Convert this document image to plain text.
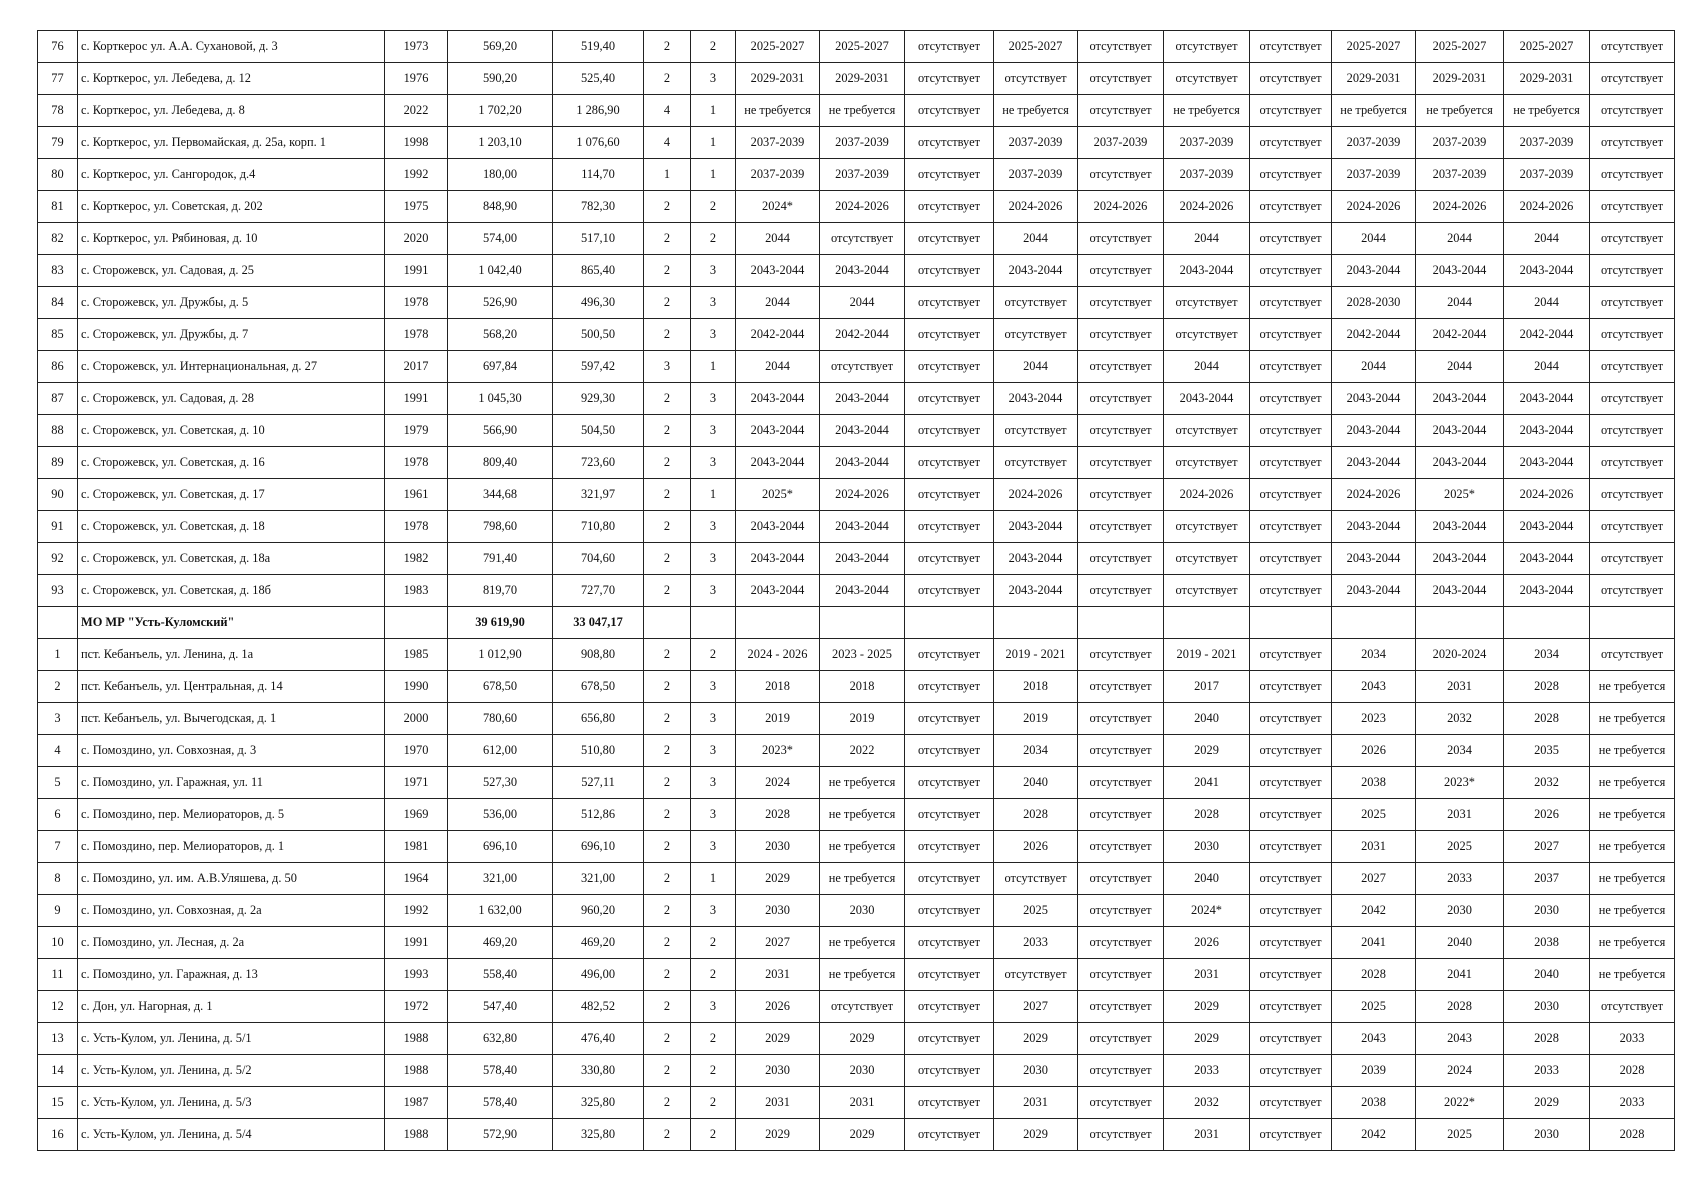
76	с. Корткерос ул. А.А. Сухановой, д. 3	1973	569,20	519,40	2	2	2025-2027	2025-2027	отсутствует	2025-2027	отсутствует	отсутствует	отсутствует	2025-2027	2025-2027	2025-2027	отсутствует
77	с. Корткерос, ул. Лебедева, д. 12	1976	590,20	525,40	2	3	2029-2031	2029-2031	отсутствует	отсутствует	отсутствует	отсутствует	отсутствует	2029-2031	2029-2031	2029-2031	отсутствует
78	с. Корткерос, ул. Лебедева, д. 8	2022	1 702,20	1 286,90	4	1	не требуется	не требуется	отсутствует	не требуется	отсутствует	не требуется	отсутствует	не требуется	не требуется	не требуется	отсутствует
79	с. Корткерос, ул. Первомайская, д. 25а, корп. 1	1998	1 203,10	1 076,60	4	1	2037-2039	2037-2039	отсутствует	2037-2039	2037-2039	2037-2039	отсутствует	2037-2039	2037-2039	2037-2039	отсутствует
80	с. Корткерос, ул. Сангородок, д.4	1992	180,00	114,70	1	1	2037-2039	2037-2039	отсутствует	2037-2039	отсутствует	2037-2039	отсутствует	2037-2039	2037-2039	2037-2039	отсутствует
81	с. Корткерос, ул. Советская, д. 202	1975	848,90	782,30	2	2	2024*	2024-2026	отсутствует	2024-2026	2024-2026	2024-2026	отсутствует	2024-2026	2024-2026	2024-2026	отсутствует
82	с. Корткерос, ул. Рябиновая, д. 10	2020	574,00	517,10	2	2	2044	отсутствует	отсутствует	2044	отсутствует	2044	отсутствует	2044	2044	2044	отсутствует
83	с. Сторожевск, ул. Садовая, д. 25	1991	1 042,40	865,40	2	3	2043-2044	2043-2044	отсутствует	2043-2044	отсутствует	2043-2044	отсутствует	2043-2044	2043-2044	2043-2044	отсутствует
84	с. Сторожевск, ул. Дружбы, д. 5	1978	526,90	496,30	2	3	2044	2044	отсутствует	отсутствует	отсутствует	отсутствует	отсутствует	2028-2030	2044	2044	отсутствует
85	с. Сторожевск, ул. Дружбы, д. 7	1978	568,20	500,50	2	3	2042-2044	2042-2044	отсутствует	отсутствует	отсутствует	отсутствует	отсутствует	2042-2044	2042-2044	2042-2044	отсутствует
86	с. Сторожевск, ул. Интернациональная, д. 27	2017	697,84	597,42	3	1	2044	отсутствует	отсутствует	2044	отсутствует	2044	отсутствует	2044	2044	2044	отсутствует
87	с. Сторожевск, ул. Садовая, д. 28	1991	1 045,30	929,30	2	3	2043-2044	2043-2044	отсутствует	2043-2044	отсутствует	2043-2044	отсутствует	2043-2044	2043-2044	2043-2044	отсутствует
88	с. Сторожевск, ул. Советская, д. 10	1979	566,90	504,50	2	3	2043-2044	2043-2044	отсутствует	отсутствует	отсутствует	отсутствует	отсутствует	2043-2044	2043-2044	2043-2044	отсутствует
89	с. Сторожевск, ул. Советская, д. 16	1978	809,40	723,60	2	3	2043-2044	2043-2044	отсутствует	отсутствует	отсутствует	отсутствует	отсутствует	2043-2044	2043-2044	2043-2044	отсутствует
90	с. Сторожевск, ул. Советская, д. 17	1961	344,68	321,97	2	1	2025*	2024-2026	отсутствует	2024-2026	отсутствует	2024-2026	отсутствует	2024-2026	2025*	2024-2026	отсутствует
91	с. Сторожевск, ул. Советская, д. 18	1978	798,60	710,80	2	3	2043-2044	2043-2044	отсутствует	2043-2044	отсутствует	отсутствует	отсутствует	2043-2044	2043-2044	2043-2044	отсутствует
92	с. Сторожевск, ул. Советская, д. 18а	1982	791,40	704,60	2	3	2043-2044	2043-2044	отсутствует	2043-2044	отсутствует	отсутствует	отсутствует	2043-2044	2043-2044	2043-2044	отсутствует
93	с. Сторожевск, ул. Советская, д. 18б	1983	819,70	727,70	2	3	2043-2044	2043-2044	отсутствует	2043-2044	отсутствует	отсутствует	отсутствует	2043-2044	2043-2044	2043-2044	отсутствует
	МО МР "Усть-Куломский"		39 619,90	33 047,17													
1	пст. Кебанъель, ул. Ленина, д. 1а	1985	1 012,90	908,80	2	2	2024 - 2026	2023 - 2025	отсутствует	2019 - 2021	отсутствует	2019 - 2021	отсутствует	2034	2020-2024	2034	отсутствует
2	пст. Кебанъель, ул. Центральная, д. 14	1990	678,50	678,50	2	3	2018	2018	отсутствует	2018	отсутствует	2017	отсутствует	2043	2031	2028	не требуется
3	пст. Кебанъель, ул. Вычегодская, д. 1	2000	780,60	656,80	2	3	2019	2019	отсутствует	2019	отсутствует	2040	отсутствует	2023	2032	2028	не требуется
4	с. Помоздино, ул. Совхозная, д. 3	1970	612,00	510,80	2	3	2023*	2022	отсутствует	2034	отсутствует	2029	отсутствует	2026	2034	2035	не требуется
5	с. Помоздино, ул. Гаражная, ул. 11	1971	527,30	527,11	2	3	2024	не требуется	отсутствует	2040	отсутствует	2041	отсутствует	2038	2023*	2032	не требуется
6	с. Помоздино, пер. Мелиораторов, д. 5	1969	536,00	512,86	2	3	2028	не требуется	отсутствует	2028	отсутствует	2028	отсутствует	2025	2031	2026	не требуется
7	с. Помоздино, пер. Мелиораторов, д. 1	1981	696,10	696,10	2	3	2030	не требуется	отсутствует	2026	отсутствует	2030	отсутствует	2031	2025	2027	не требуется
8	с. Помоздино, ул. им. А.В.Уляшева, д. 50	1964	321,00	321,00	2	1	2029	не требуется	отсутствует	отсутствует	отсутствует	2040	отсутствует	2027	2033	2037	не требуется
9	с. Помоздино, ул. Совхозная, д. 2а	1992	1 632,00	960,20	2	3	2030	2030	отсутствует	2025	отсутствует	2024*	отсутствует	2042	2030	2030	не требуется
10	с. Помоздино, ул. Лесная, д. 2а	1991	469,20	469,20	2	2	2027	не требуется	отсутствует	2033	отсутствует	2026	отсутствует	2041	2040	2038	не требуется
11	с. Помоздино, ул. Гаражная, д. 13	1993	558,40	496,00	2	2	2031	не требуется	отсутствует	отсутствует	отсутствует	2031	отсутствует	2028	2041	2040	не требуется
12	с. Дон, ул. Нагорная, д. 1	1972	547,40	482,52	2	3	2026	отсутствует	отсутствует	2027	отсутствует	2029	отсутствует	2025	2028	2030	отсутствует
13	с. Усть-Кулом, ул. Ленина, д. 5/1	1988	632,80	476,40	2	2	2029	2029	отсутствует	2029	отсутствует	2029	отсутствует	2043	2043	2028	2033
14	с. Усть-Кулом, ул. Ленина, д. 5/2	1988	578,40	330,80	2	2	2030	2030	отсутствует	2030	отсутствует	2033	отсутствует	2039	2024	2033	2028
15	с. Усть-Кулом, ул. Ленина, д. 5/3	1987	578,40	325,80	2	2	2031	2031	отсутствует	2031	отсутствует	2032	отсутствует	2038	2022*	2029	2033
16	с. Усть-Кулом, ул. Ленина, д. 5/4	1988	572,90	325,80	2	2	2029	2029	отсутствует	2029	отсутствует	2031	отсутствует	2042	2025	2030	2028
